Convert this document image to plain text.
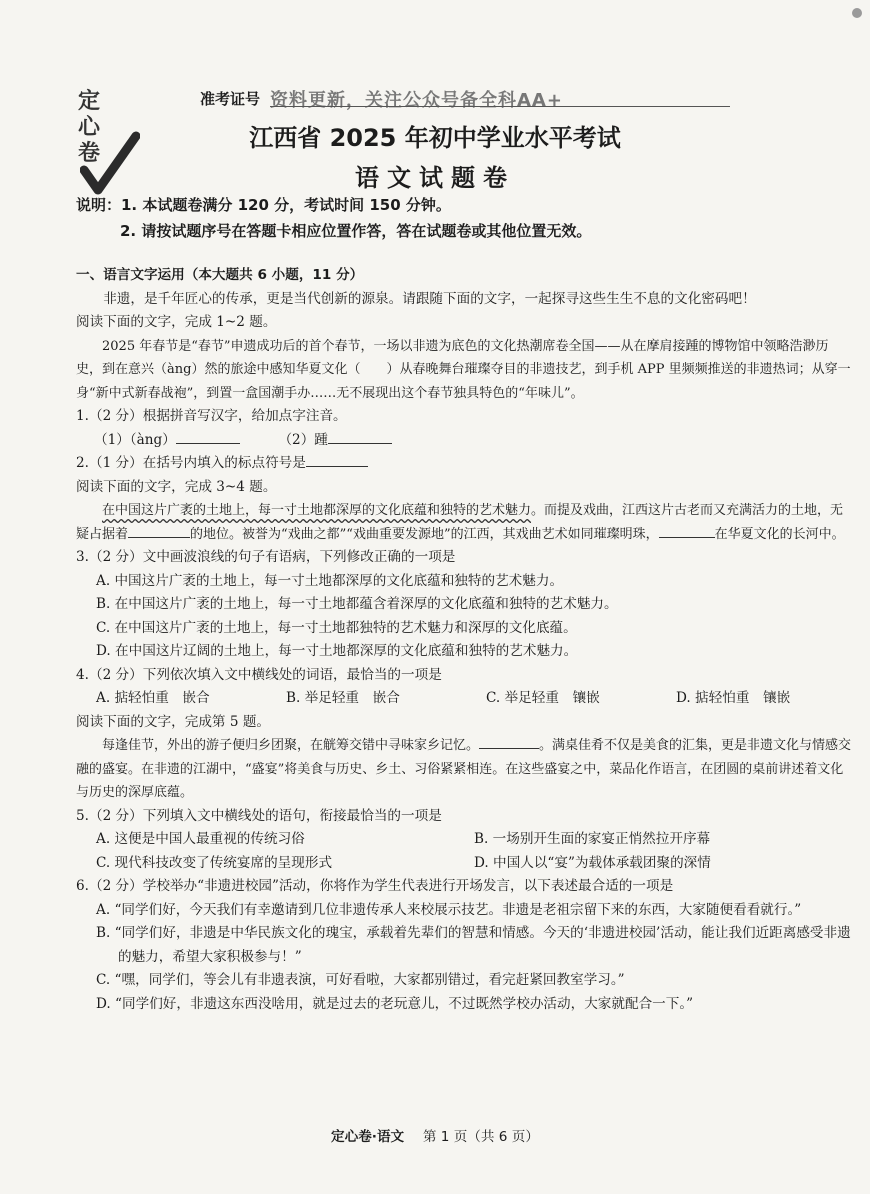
定
心
卷
准考证号 资料更新，关注公众号备全科AA+
江西省 2025 年初中学业水平考试
语文试题卷
说明：1. 本试题卷满分 120 分，考试时间 150 分钟。
2. 请按试题序号在答题卡相应位置作答，答在试题卷或其他位置无效。
一、语言文字运用（本大题共 6 小题，11 分）
非遗，是千年匠心的传承，更是当代创新的源泉。请跟随下面的文字，一起探寻这些生生不息的文化密码吧！
阅读下面的文字，完成 1~2 题。
2025 年春节是“春节”申遗成功后的首个春节，一场以非遗为底色的文化热潮席卷全国——从在摩肩接踵的博物馆中领略浩渺历史，到在意兴（àng）然的旅途中感知华夏文化（　　）从春晚舞台璀璨夺目的非遗技艺，到手机 APP 里频频推送的非遗热词；从穿一身“新中式新春战袍”，到置一盒国潮手办……无不展现出这个春节独具特色的“年味儿”。
1.（2 分）根据拼音写汉字，给加点字注音。
（1）（àng）	（2）踵
2.（1 分）在括号内填入的标点符号是
阅读下面的文字，完成 3~4 题。
在中国这片广袤的土地上，每一寸土地都深厚的文化底蕴和独特的艺术魅力。而提及戏曲，江西这片古老而又充满活力的土地，无疑占据着	的地位。被誉为“戏曲之都”“戏曲重要发源地”的江西，其戏曲艺术如同璀璨明珠，	在华夏文化的长河中。
3.（2 分）文中画波浪线的句子有语病，下列修改正确的一项是
A. 中国这片广袤的土地上，每一寸土地都深厚的文化底蕴和独特的艺术魅力。
B. 在中国这片广袤的土地上，每一寸土地都蕴含着深厚的文化底蕴和独特的艺术魅力。
C. 在中国这片广袤的土地上，每一寸土地都独特的艺术魅力和深厚的文化底蕴。
D. 在中国这片辽阔的土地上，每一寸土地都深厚的文化底蕴和独特的艺术魅力。
4.（2 分）下列依次填入文中横线处的词语，最恰当的一项是
A. 掂轻怕重　嵌合	B. 举足轻重　嵌合	C. 举足轻重　镶嵌	D. 掂轻怕重　镶嵌
阅读下面的文字，完成第 5 题。
每逢佳节，外出的游子便归乡团聚，在觥筹交错中寻味家乡记忆。	。满桌佳肴不仅是美食的汇集，更是非遗文化与情感交融的盛宴。在非遗的江湖中，“盛宴”将美食与历史、乡土、习俗紧紧相连。在这些盛宴之中，菜品化作语言，在团圆的桌前讲述着文化与历史的深厚底蕴。
5.（2 分）下列填入文中横线处的语句，衔接最恰当的一项是
A. 这便是中国人最重视的传统习俗	B. 一场别开生面的家宴正悄然拉开序幕
C. 现代科技改变了传统宴席的呈现形式	D. 中国人以“宴”为载体承载团聚的深情
6.（2 分）学校举办“非遗进校园”活动，你将作为学生代表进行开场发言，以下表述最合适的一项是
A. “同学们好，今天我们有幸邀请到几位非遗传承人来校展示技艺。非遗是老祖宗留下来的东西，大家随便看看就行。”
B. “同学们好，非遗是中华民族文化的瑰宝，承载着先辈们的智慧和情感。今天的‘非遗进校园’活动，能让我们近距离感受非遗的魅力，希望大家积极参与！”
C. “嘿，同学们，等会儿有非遗表演，可好看啦，大家都别错过，看完赶紧回教室学习。”
D. “同学们好，非遗这东西没啥用，就是过去的老玩意儿，不过既然学校办活动，大家就配合一下。”
定心卷·语文 第 1 页（共 6 页）
